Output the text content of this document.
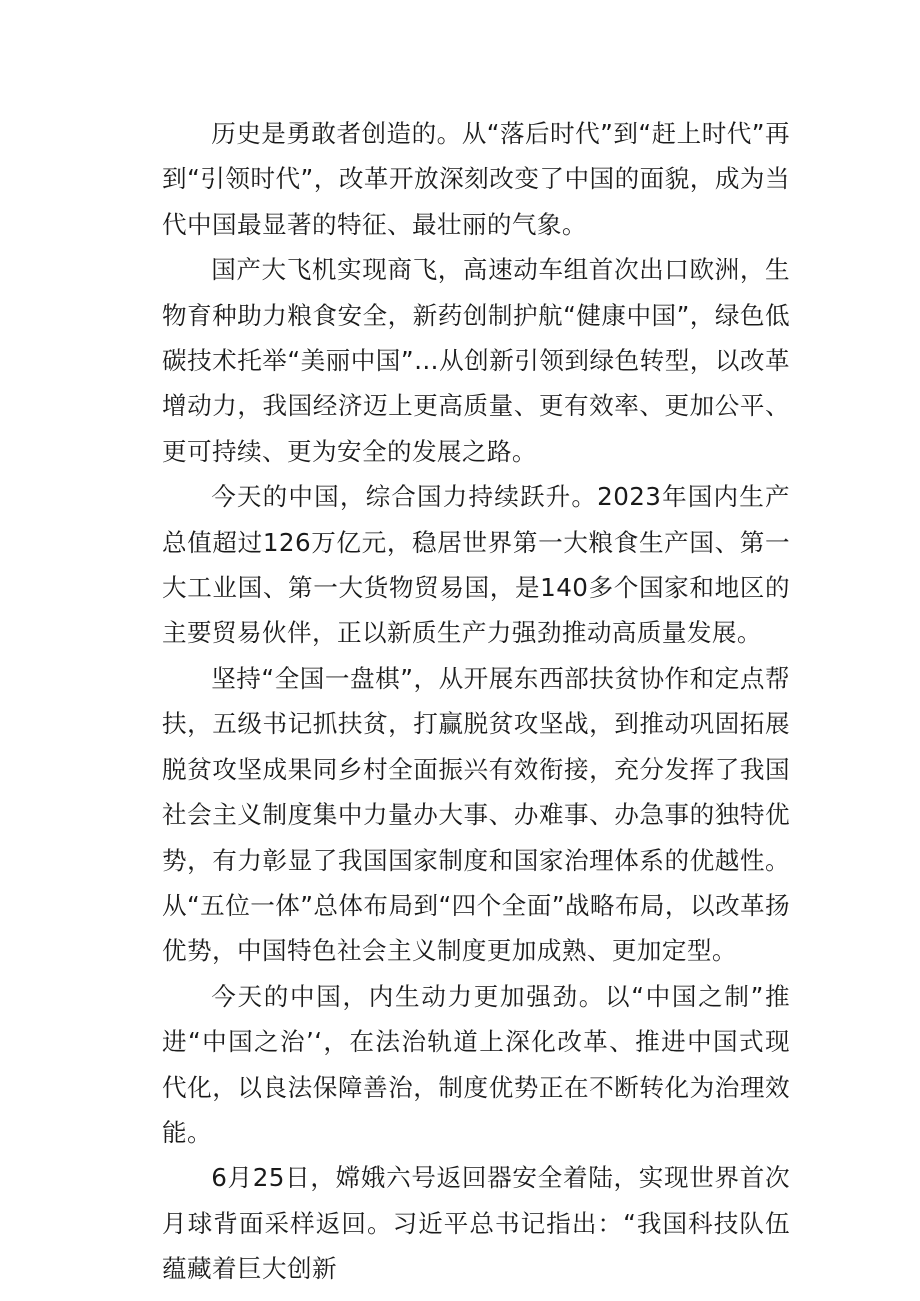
历史是勇敢者创造的。从“落后时代”到“赶上时代”再到“引领时代”，改革开放深刻改变了中国的面貌，成为当代中国最显著的特征、最壮丽的气象。

国产大飞机实现商飞，高速动车组首次出口欧洲，生物育种助力粮食安全，新药创制护航“健康中国”，绿色低碳技术托举“美丽中国”…从创新引领到绿色转型，以改革增动力，我国经济迈上更高质量、更有效率、更加公平、更可持续、更为安全的发展之路。

今天的中国，综合国力持续跃升。2023年国内生产总值超过126万亿元，稳居世界第一大粮食生产国、第一大工业国、第一大货物贸易国，是140多个国家和地区的主要贸易伙伴，正以新质生产力强劲推动高质量发展。

坚持“全国一盘棋”，从开展东西部扶贫协作和定点帮扶，五级书记抓扶贫，打赢脱贫攻坚战，到推动巩固拓展脱贫攻坚成果同乡村全面振兴有效衔接，充分发挥了我国社会主义制度集中力量办大事、办难事、办急事的独特优势，有力彰显了我国国家制度和国家治理体系的优越性。从“五位一体”总体布局到“四个全面”战略布局，以改革扬优势，中国特色社会主义制度更加成熟、更加定型。

今天的中国，内生动力更加强劲。以“中国之制”推进“中国之治’‘，在法治轨道上深化改革、推进中国式现代化，以良法保障善治，制度优势正在不断转化为治理效能。

6月25日，嫦娥六号返回器安全着陆，实现世界首次月球背面采样返回。习近平总书记指出：“我国科技队伍蕴藏着巨大创新
